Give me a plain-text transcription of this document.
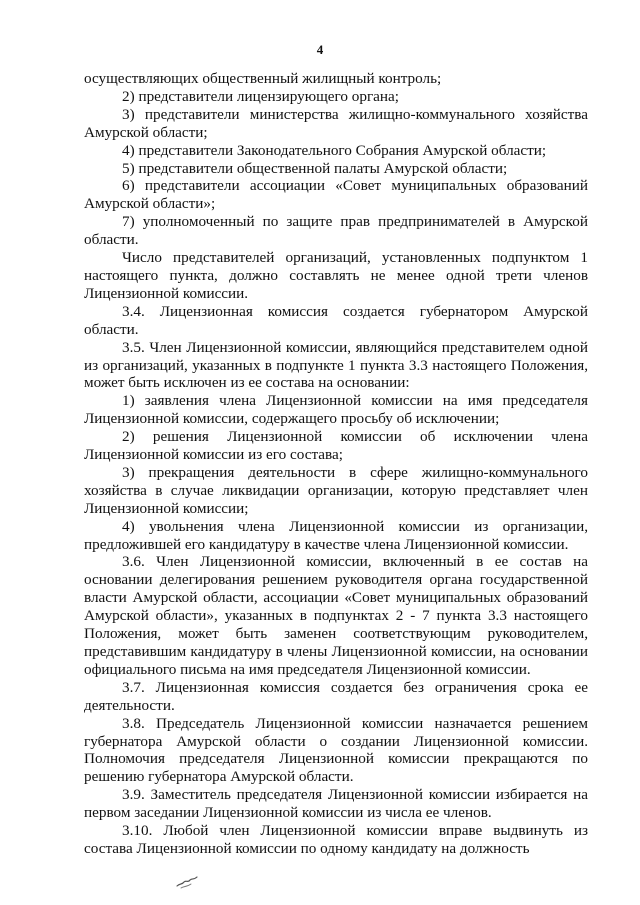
4

осуществляющих общественный жилищный контроль;

2) представители лицензирующего органа;

3) представители министерства жилищно-коммунального хозяйства Амурской области;

4) представители Законодательного Собрания Амурской области;

5) представители общественной палаты Амурской области;

6) представители ассоциации «Совет муниципальных образований Амурской области»;

7) уполномоченный по защите прав предпринимателей в Амурской области.

Число представителей организаций, установленных подпунктом 1 настоящего пункта, должно составлять не менее одной трети членов Лицензионной комиссии.

3.4. Лицензионная комиссия создается губернатором Амурской области.

3.5. Член Лицензионной комиссии, являющийся представителем одной из организаций, указанных в подпункте 1 пункта 3.3 настоящего Положения, может быть исключен из ее состава на основании:

1) заявления члена Лицензионной комиссии на имя председателя Лицензионной комиссии, содержащего просьбу об исключении;

2) решения Лицензионной комиссии об исключении члена Лицензионной комиссии из его состава;

3) прекращения деятельности в сфере жилищно-коммунального хозяйства в случае ликвидации организации, которую представляет член Лицензионной комиссии;

4) увольнения члена Лицензионной комиссии из организации, предложившей его кандидатуру в качестве члена Лицензионной комиссии.

3.6. Член Лицензионной комиссии, включенный в ее состав на основании делегирования решением руководителя органа государственной власти Амурской области, ассоциации «Совет муниципальных образований Амурской области», указанных в подпунктах 2 - 7 пункта 3.3 настоящего Положения, может быть заменен соответствующим руководителем, представившим кандидатуру в члены Лицензионной комиссии, на основании официального письма на имя председателя Лицензионной комиссии.

3.7. Лицензионная комиссия создается без ограничения срока ее деятельности.

3.8. Председатель Лицензионной комиссии назначается решением губернатора Амурской области о создании Лицензионной комиссии. Полномочия председателя Лицензионной комиссии прекращаются по решению губернатора Амурской области.

3.9. Заместитель председателя Лицензионной комиссии избирается на первом заседании Лицензионной комиссии из числа ее членов.

3.10. Любой член Лицензионной комиссии вправе выдвинуть из состава Лицензионной комиссии по одному кандидату на должность
